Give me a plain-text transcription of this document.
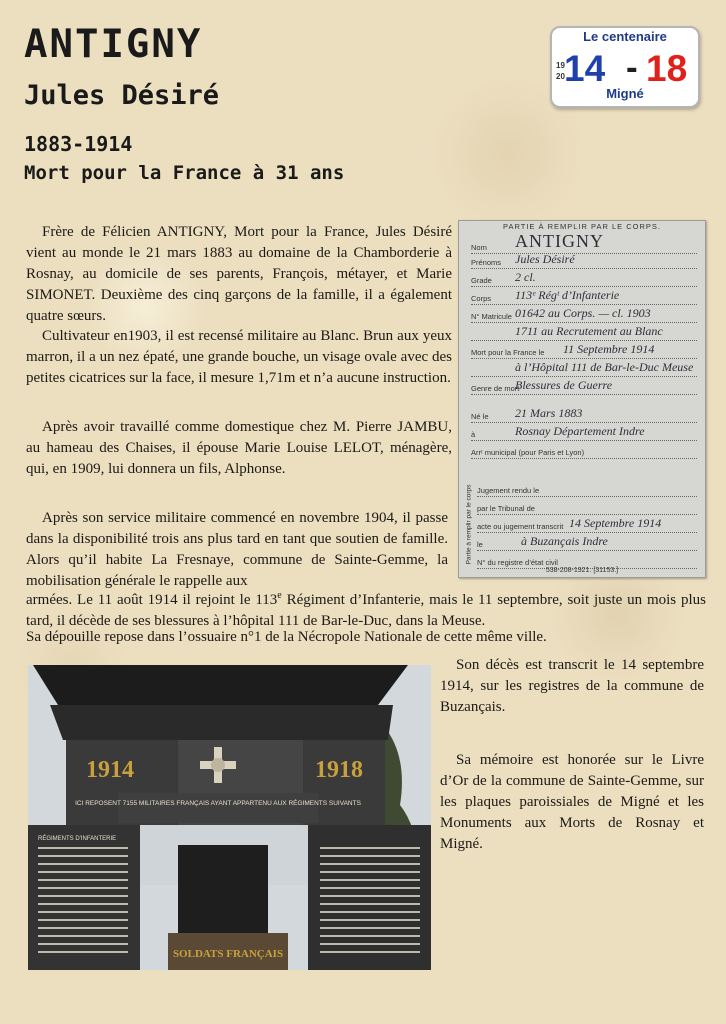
ANTIGNY
Jules Désiré
1883-1914
Mort pour la France à 31 ans
Le centenaire
19
20 14 - 18
Migné

Frère de Félicien ANTIGNY, Mort pour la France, Jules Désiré vient au monde le 21 mars 1883 au domaine de la Chamborderie à Rosnay, au domicile de ses parents, François, métayer, et Marie SIMONET. Deuxième des cinq garçons de la famille, il a également quatre sœurs.

Cultivateur en1903, il est recensé militaire au Blanc. Brun aux yeux marron, il a un nez épaté, une grande bouche, un visage ovale avec des petites cicatrices sur la face, il mesure 1,71m et n’a aucune instruction.

Après avoir travaillé comme domestique chez M. Pierre JAMBU, au hameau des Chaises, il épouse Marie Louise LELOT, ménagère, qui, en 1909, lui donnera un fils, Alphonse.

Après son service militaire commencé en novembre 1904, il passe dans la disponibilité trois ans plus tard en tant que soutien de famille. Alors qu’il habite La Fresnaye, commune de Sainte-Gemme, la mobilisation générale le rappelle aux

armées. Le 11 août 1914 il rejoint le 113e Régiment d’Infanterie, mais le 11 septembre, soit juste un mois plus tard, il décède de ses blessures à l’hôpital 111 de Bar-le-Duc, dans la Meuse.

Sa dépouille repose dans l’ossuaire n°1 de la Nécropole Nationale de cette même ville.

PARTIE À REMPLIR PAR LE CORPS.
Partie à remplir par le corps
Nom ANTIGNY
Prénoms Jules Désiré
Grade 2 cl.
Corps 113ᵉ Régᵗ d’Infanterie
N° Matricule 01642 au Corps. — cl. 1903
1711 au Recrutement au Blanc
Mort pour la France le 11 Septembre 1914
à l’Hôpital 111 de Bar-le-Duc Meuse
Genre de mort
Blessures de Guerre
Né le 21 Mars 1883
à	Rosnay Département Indre
Arrᵗ municipal (pour Paris et Lyon)
Jugement rendu le
par le Tribunal de
acte ou jugement transcrit 14 Septembre 1914
le	à Buzançais Indre
N° du registre d’état civil
538-208-1921. [31153.]

Son décès est transcrit le 14 septembre 1914, sur les registres de la commune de Buzançais.

Sa mémoire est honorée sur le Livre d’Or de la commune de Sainte-Gemme, sur les plaques paroissiales de Migné et les Monuments aux Morts de Rosnay et Migné.

1914	1918
ICI REPOSENT 7155 MILITAIRES FRANÇAIS AYANT APPARTENU AUX RÉGIMENTS SUIVANTS
RÉGIMENTS D'INFANTERIE
SOLDATS FRANÇAIS
